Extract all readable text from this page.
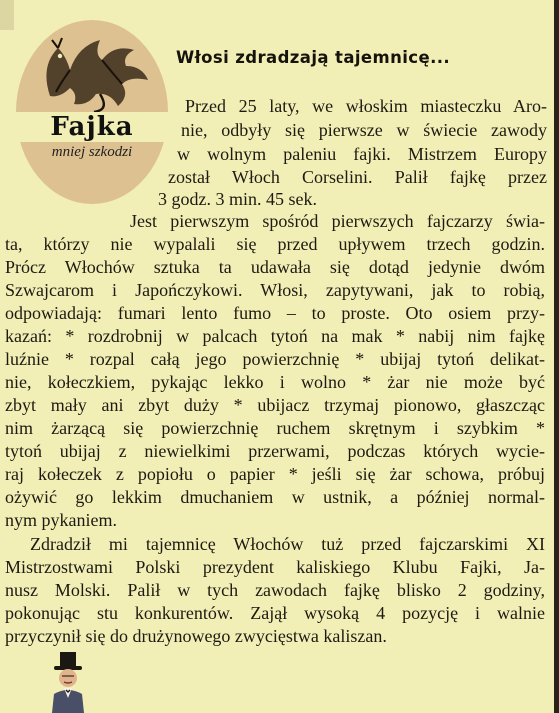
Fajka
mniej szkodzi
Włosi zdradzają tajemnicę...
Przed 25 laty, we włoskim miasteczku Aro-
nie, odbyły się pierwsze w świecie zawody
w wolnym paleniu fajki. Mistrzem Europy
został Włoch Corselini. Palił fajkę przez
3 godz. 3 min. 45 sek.
Jest pierwszym spośród pierwszych fajczarzy świa-
ta, którzy nie wypalali się przed upływem trzech godzin.
Prócz Włochów sztuka ta udawała się dotąd jedynie dwóm
Szwajcarom i Japończykowi. Włosi, zapytywani, jak to robią,
odpowiadają: fumari lento fumo – to proste. Oto osiem przy-
kazań: * rozdrobnij w palcach tytoń na mak * nabij nim fajkę
luźnie * rozpal całą jego powierzchnię * ubijaj tytoń delikat-
nie, kołeczkiem, pykając lekko i wolno * żar nie może być
zbyt mały ani zbyt duży * ubijacz trzymaj pionowo, głaszcząc
nim żarzącą się powierzchnię ruchem skrętnym i szybkim *
tytoń ubijaj z niewielkimi przerwami, podczas których wycie-
raj kołeczek z popiołu o papier * jeśli się żar schowa, próbuj
ożywić go lekkim dmuchaniem w ustnik, a później normal-
nym pykaniem.
Zdradził mi tajemnicę Włochów tuż przed fajczarskimi XI
Mistrzostwami Polski prezydent kaliskiego Klubu Fajki, Ja-
nusz Molski. Palił w tych zawodach fajkę blisko 2 godziny,
pokonując stu konkurentów. Zajął wysoką 4 pozycję i walnie
przyczynił się do drużynowego zwycięstwa kaliszan.
